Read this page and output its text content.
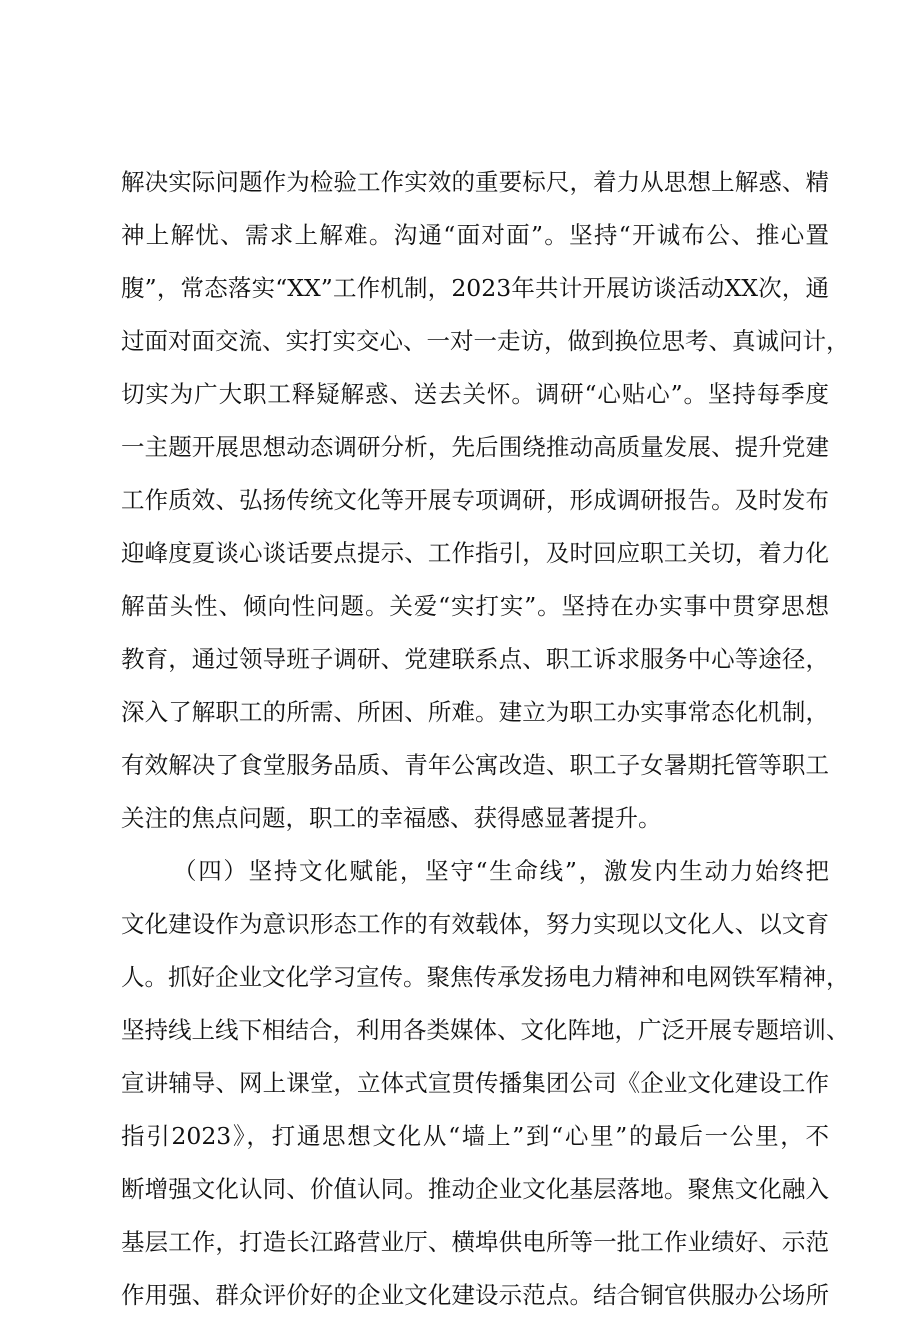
解决实际问题作为检验工作实效的重要标尺，着力从思想上解惑、精
神上解忧、需求上解难。沟通“面对面”。坚持“开诚布公、推心置
腹”，常态落实“XX”工作机制，2023年共计开展访谈活动XX次，通
过面对面交流、实打实交心、一对一走访，做到换位思考、真诚问计，
切实为广大职工释疑解惑、送去关怀。调研“心贴心”。坚持每季度
一主题开展思想动态调研分析，先后围绕推动高质量发展、提升党建
工作质效、弘扬传统文化等开展专项调研，形成调研报告。及时发布
迎峰度夏谈心谈话要点提示、工作指引，及时回应职工关切，着力化
解苗头性、倾向性问题。关爱“实打实”。坚持在办实事中贯穿思想
教育，通过领导班子调研、党建联系点、职工诉求服务中心等途径，
深入了解职工的所需、所困、所难。建立为职工办实事常态化机制，
有效解决了食堂服务品质、青年公寓改造、职工子女暑期托管等职工
关注的焦点问题，职工的幸福感、获得感显著提升。
（四）坚持文化赋能，坚守“生命线”，激发内生动力始终把
文化建设作为意识形态工作的有效载体，努力实现以文化人、以文育
人。抓好企业文化学习宣传。聚焦传承发扬电力精神和电网铁军精神，
坚持线上线下相结合，利用各类媒体、文化阵地，广泛开展专题培训、
宣讲辅导、网上课堂，立体式宣贯传播集团公司《企业文化建设工作
指引2023》，打通思想文化从“墙上”到“心里”的最后一公里，不
断增强文化认同、价值认同。推动企业文化基层落地。聚焦文化融入
基层工作，打造长江路营业厅、横埠供电所等一批工作业绩好、示范
作用强、群众评价好的企业文化建设示范点。结合铜官供服办公场所
